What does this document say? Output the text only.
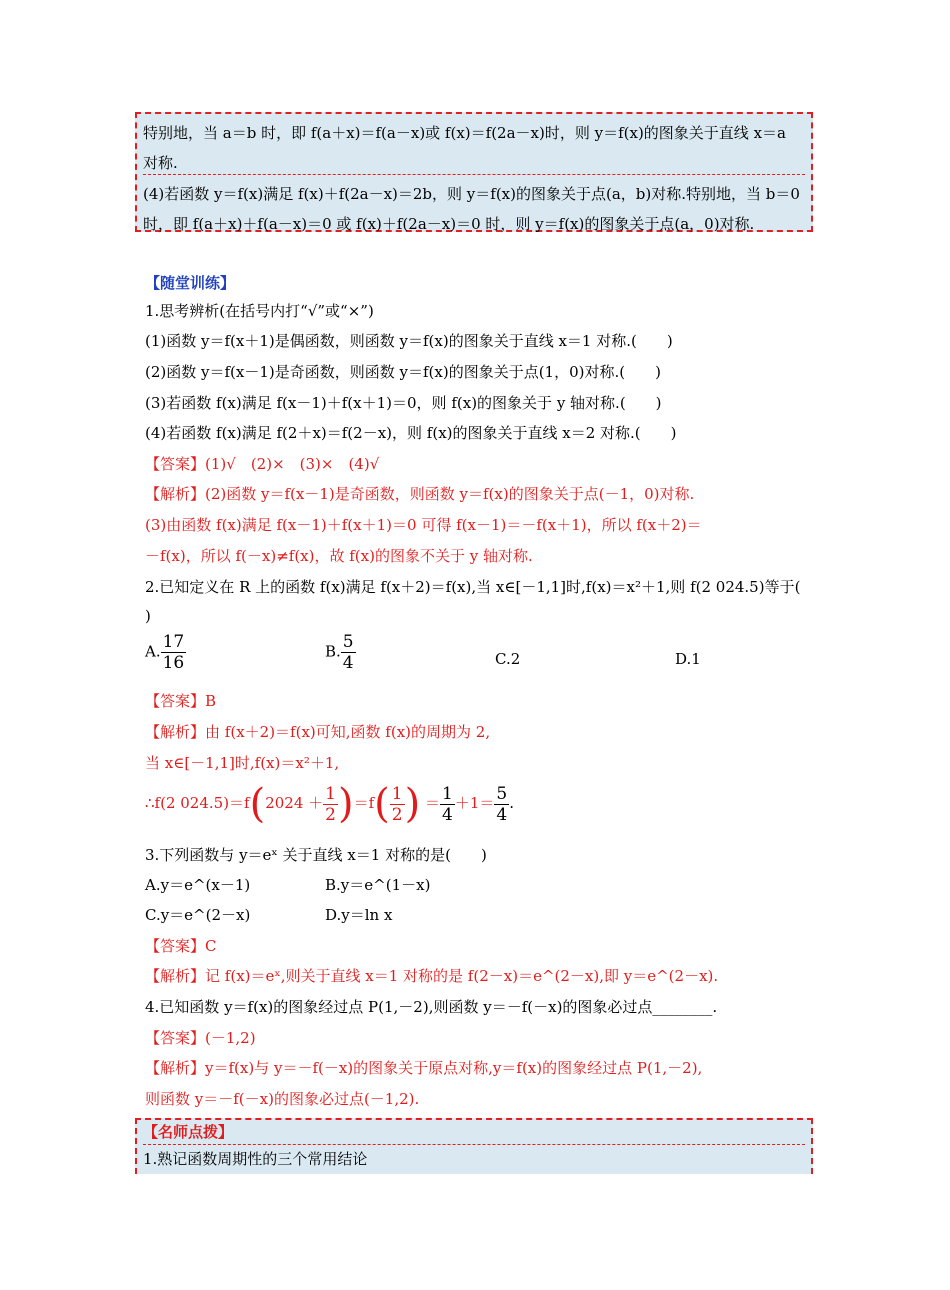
特别地，当 a＝b 时，即 f(a＋x)＝f(a－x)或 f(x)＝f(2a－x)时，则 y＝f(x)的图象关于直线 x＝a 对称.
(4)若函数 y＝f(x)满足 f(x)＋f(2a－x)＝2b，则 y＝f(x)的图象关于点(a，b)对称.特别地，当 b＝0 时，即 f(a＋x)＋f(a－x)＝0 或 f(x)＋f(2a－x)＝0 时，则 y＝f(x)的图象关于点(a，0)对称.
【随堂训练】
1.思考辨析(在括号内打“√”或“×”)
(1)函数 y＝f(x＋1)是偶函数，则函数 y＝f(x)的图象关于直线 x＝1 对称.(　　)
(2)函数 y＝f(x－1)是奇函数，则函数 y＝f(x)的图象关于点(1，0)对称.(　　)
(3)若函数 f(x)满足 f(x－1)＋f(x＋1)＝0，则 f(x)的图象关于 y 轴对称.(　　)
(4)若函数 f(x)满足 f(2＋x)＝f(2－x)，则 f(x)的图象关于直线 x＝2 对称.(　　)
【答案】(1)√　(2)×　(3)×　(4)√
【解析】(2)函数 y＝f(x－1)是奇函数，则函数 y＝f(x)的图象关于点(－1，0)对称.
(3)由函数 f(x)满足 f(x－1)＋f(x＋1)＝0 可得 f(x－1)＝－f(x＋1)，所以 f(x＋2)＝
－f(x)，所以 f(－x)≠f(x)，故 f(x)的图象不关于 y 轴对称.
2.已知定义在 R 上的函数 f(x)满足 f(x＋2)＝f(x),当 x∈[－1,1]时,f(x)＝x²＋1,则 f(2 024.5)等于(
)
A. $\frac{17}{16}$	B. $\frac{5}{4}$	C.2	D.1
【答案】B
【解析】由 f(x＋2)＝f(x)可知,函数 f(x)的周期为 2,
当 x∈[－1,1]时,f(x)＝x²＋1,
∴f(2 $024.5)=f(2024 + \frac{1}{2} )=f( \frac{1}{2}$ ) ＝ $\frac{1}{4} +1= \frac{5}{4}$ .
3.下列函数与 y＝eˣ 关于直线 x＝1 对称的是(　　)
A.y＝e^(x－1)	B.y＝e^(1－x)
C.y＝e^(2－x)	D.y＝ln x
【答案】C
【解析】记 f(x)＝eˣ,则关于直线 x＝1 对称的是 f(2－x)＝e^(2－x),即 y＝e^(2－x).
4.已知函数 y＝f(x)的图象经过点 P(1,－2),则函数 y＝－f(－x)的图象必过点________.
【答案】(－1,2)
【解析】y＝f(x)与 y＝－f(－x)的图象关于原点对称,y＝f(x)的图象经过点 P(1,－2),
则函数 y＝－f(－x)的图象必过点(－1,2).
【名师点拨】
1.熟记函数周期性的三个常用结论
